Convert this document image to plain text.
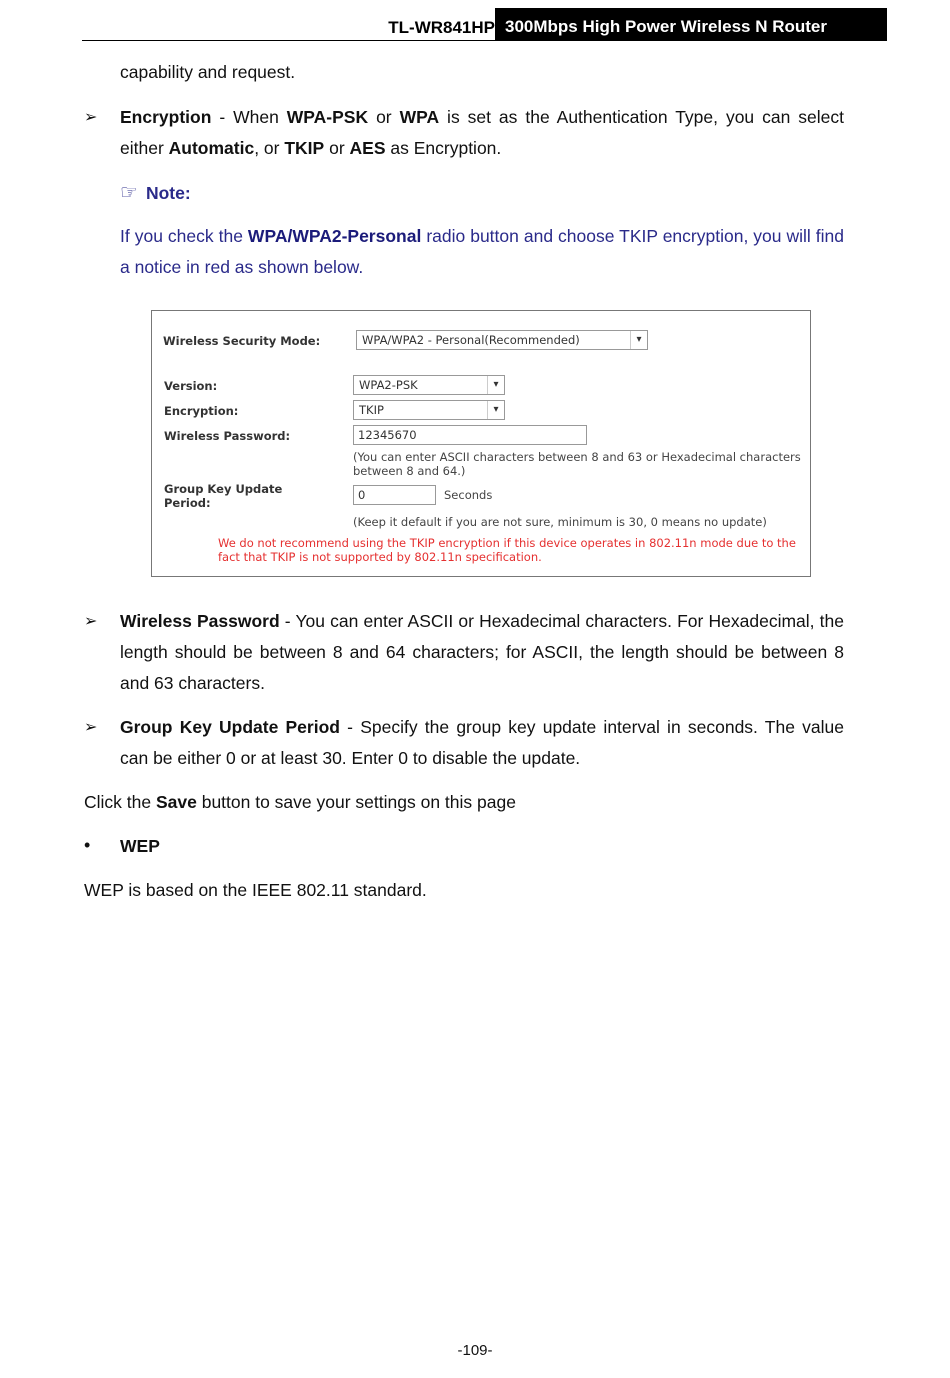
TL-WR841HP 300Mbps High Power Wireless N Router
capability and request.
➢ Encryption - When WPA-PSK or WPA is set as the Authentication Type, you can select either Automatic, or TKIP or AES as Encryption.
☞ Note:
If you check the WPA/WPA2-Personal radio button and choose TKIP encryption, you will find a notice in red as shown below.
Wireless Security Mode:	WPA/WPA2 - Personal(Recommended)	▾
Version:	WPA2-PSK	▾
Encryption:	TKIP	▾
Wireless Password:	12345670
(You can enter ASCII characters between 8 and 63 or Hexadecimal characters
between 8 and 64.)
Group Key Update
Period:
0	Seconds
(Keep it default if you are not sure, minimum is 30, 0 means no update)
We do not recommend using the TKIP encryption if this device operates in 802.11n mode due to the
fact that TKIP is not supported by 802.11n specification.
➢ Wireless Password - You can enter ASCII or Hexadecimal characters. For Hexadecimal, the length should be between 8 and 64 characters; for ASCII, the length should be between 8 and 63 characters.
➢ Group Key Update Period - Specify the group key update interval in seconds. The value can be either 0 or at least 30. Enter 0 to disable the update.
Click the Save button to save your settings on this page
• WEP
WEP is based on the IEEE 802.11 standard.
-109-
